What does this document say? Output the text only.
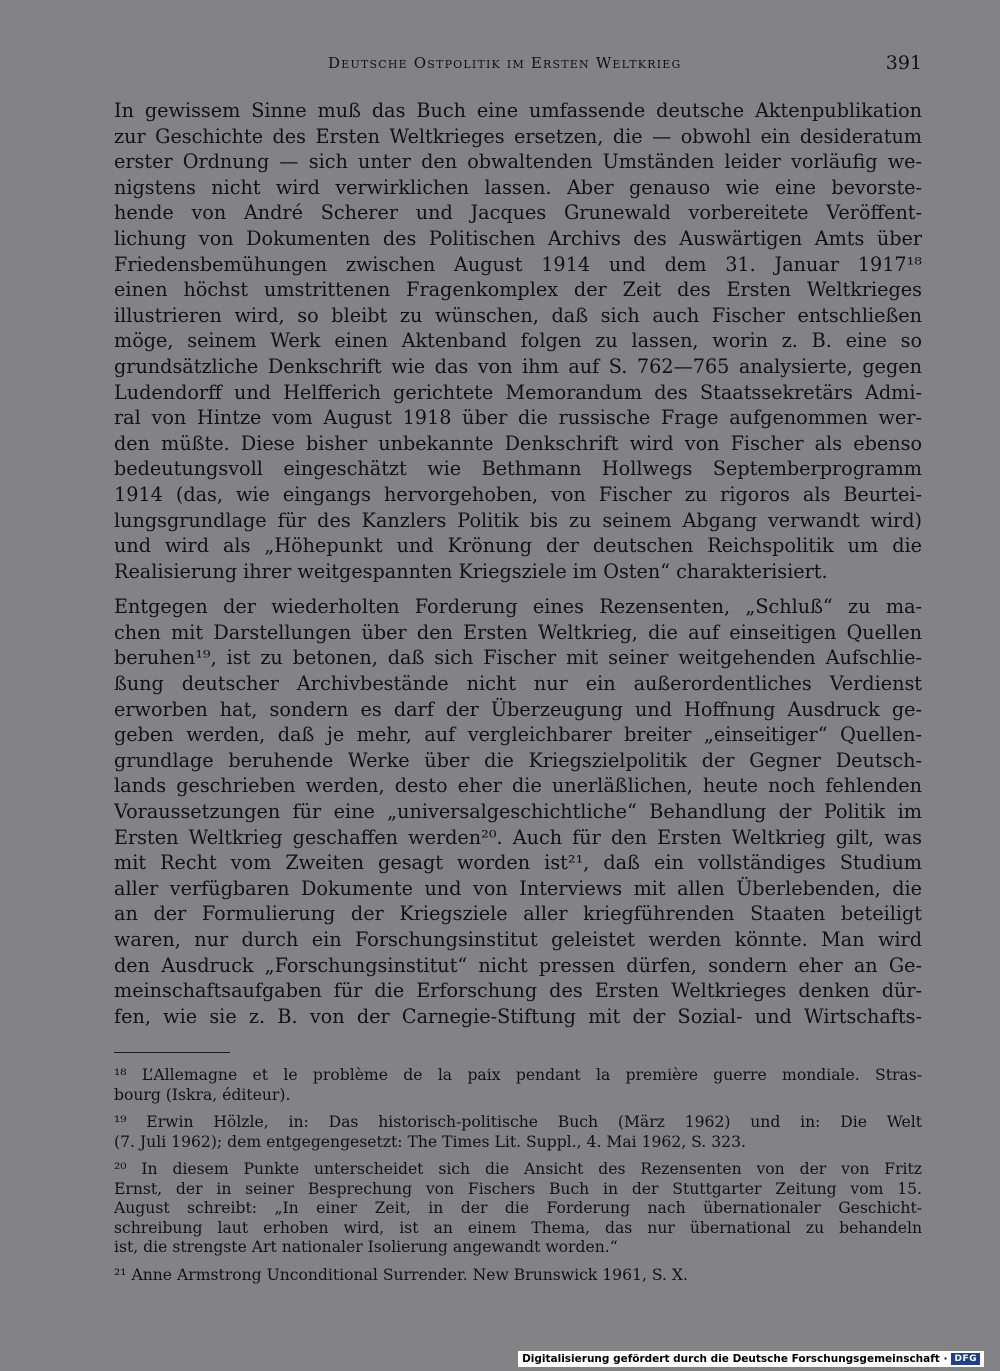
Deutsche Ostpolitik im Ersten Weltkrieg	391

In gewissem Sinne muß das Buch eine umfassende deutsche Aktenpublikation
zur Geschichte des Ersten Weltkrieges ersetzen, die — obwohl ein desideratum
erster Ordnung — sich unter den obwaltenden Umständen leider vorläufig we-
nigstens nicht wird verwirklichen lassen. Aber genauso wie eine bevorste-
hende von André Scherer und Jacques Grunewald vorbereitete Veröffent-
lichung von Dokumenten des Politischen Archivs des Auswärtigen Amts über
Friedensbemühungen zwischen August 1914 und dem 31. Januar 1917¹⁸
einen höchst umstrittenen Fragenkomplex der Zeit des Ersten Weltkrieges
illustrieren wird, so bleibt zu wünschen, daß sich auch Fischer entschließen
möge, seinem Werk einen Aktenband folgen zu lassen, worin z. B. eine so
grundsätzliche Denkschrift wie das von ihm auf S. 762—765 analysierte, gegen
Ludendorff und Helfferich gerichtete Memorandum des Staatssekretärs Admi-
ral von Hintze vom August 1918 über die russische Frage aufgenommen wer-
den müßte. Diese bisher unbekannte Denkschrift wird von Fischer als ebenso
bedeutungsvoll eingeschätzt wie Bethmann Hollwegs Septemberprogramm
1914 (das, wie eingangs hervorgehoben, von Fischer zu rigoros als Beurtei-
lungsgrundlage für des Kanzlers Politik bis zu seinem Abgang verwandt wird)
und wird als „Höhepunkt und Krönung der deutschen Reichspolitik um die
Realisierung ihrer weitgespannten Kriegsziele im Osten“ charakterisiert.

Entgegen der wiederholten Forderung eines Rezensenten, „Schluß“ zu ma-
chen mit Darstellungen über den Ersten Weltkrieg, die auf einseitigen Quellen
beruhen¹⁹, ist zu betonen, daß sich Fischer mit seiner weitgehenden Aufschlie-
ßung deutscher Archivbestände nicht nur ein außerordentliches Verdienst
erworben hat, sondern es darf der Überzeugung und Hoffnung Ausdruck ge-
geben werden, daß je mehr, auf vergleichbarer breiter „einseitiger“ Quellen-
grundlage beruhende Werke über die Kriegszielpolitik der Gegner Deutsch-
lands geschrieben werden, desto eher die unerläßlichen, heute noch fehlenden
Voraussetzungen für eine „universalgeschichtliche“ Behandlung der Politik im
Ersten Weltkrieg geschaffen werden²⁰. Auch für den Ersten Weltkrieg gilt, was
mit Recht vom Zweiten gesagt worden ist²¹, daß ein vollständiges Studium
aller verfügbaren Dokumente und von Interviews mit allen Überlebenden, die
an der Formulierung der Kriegsziele aller kriegführenden Staaten beteiligt
waren, nur durch ein Forschungsinstitut geleistet werden könnte. Man wird
den Ausdruck „Forschungsinstitut“ nicht pressen dürfen, sondern eher an Ge-
meinschaftsaufgaben für die Erforschung des Ersten Weltkrieges denken dür-
fen, wie sie z. B. von der Carnegie-Stiftung mit der Sozial- und Wirtschafts-

¹⁸ L’Allemagne et le problème de la paix pendant la première guerre mondiale. Stras-
bourg (Iskra, éditeur).

¹⁹ Erwin Hölzle, in: Das historisch-politische Buch (März 1962) und in: Die Welt
(7. Juli 1962); dem entgegengesetzt: The Times Lit. Suppl., 4. Mai 1962, S. 323.

²⁰ In diesem Punkte unterscheidet sich die Ansicht des Rezensenten von der von Fritz
Ernst, der in seiner Besprechung von Fischers Buch in der Stuttgarter Zeitung vom 15.
August schreibt: „In einer Zeit, in der die Forderung nach übernationaler Geschicht-
schreibung laut erhoben wird, ist an einem Thema, das nur übernational zu behandeln
ist, die strengste Art nationaler Isolierung angewandt worden.“

²¹ Anne Armstrong Unconditional Surrender. New Brunswick 1961, S. X.

Digitalisierung gefördert durch die Deutsche Forschungsgemeinschaft · DFG
